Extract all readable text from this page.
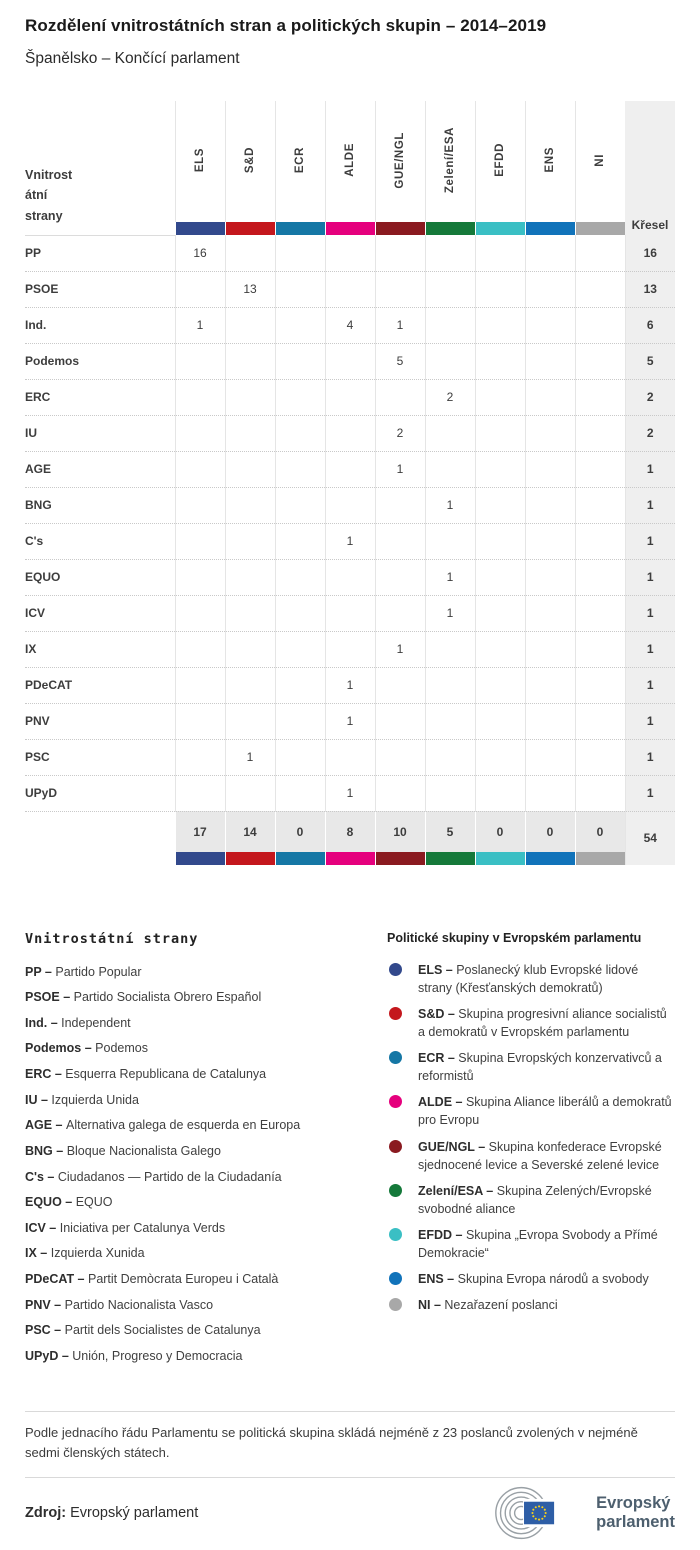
Rozdělení vnitrostátních stran a politických skupin – 2014–2019
Španělsko – Končící parlament
Vnitrost
átní
strany	ELS	S&D	ECR	ALDE	GUE/NGL	Zelení/ESA	EFDD	ENS	NI	Křesel

PP	16									16
PSOE		13								13
Ind.	1			4	1					6
Podemos					5					5
ERC						2				2
IU					2					2
AGE					1					1
BNG						1				1
C's				1						1
EQUO						1				1
ICV						1				1
IX					1					1
PDeCAT				1						1
PNV				1						1
PSC		1								1
UPyD				1						1
	17	14	0	8	10	5	0	0	0	54

Vnitrostátní strany
PP – Partido Popular
PSOE – Partido Socialista Obrero Español
Ind. – Independent
Podemos – Podemos
ERC – Esquerra Republicana de Catalunya
IU – Izquierda Unida
AGE – Alternativa galega de esquerda en Europa
BNG – Bloque Nacionalista Galego
C's – Ciudadanos — Partido de la Ciudadanía
EQUO – EQUO
ICV – Iniciativa per Catalunya Verds
IX – Izquierda Xunida
PDeCAT – Partit Demòcrata Europeu i Català
PNV – Partido Nacionalista Vasco
PSC – Partit dels Socialistes de Catalunya
UPyD – Unión, Progreso y Democracia
Politické skupiny v Evropském parlamentu
ELS – Poslanecký klub Evropské lidové strany (Křesťanských demokratů)
S&D – Skupina progresivní aliance socialistů a demokratů v Evropském parlamentu
ECR – Skupina Evropských konzervativců a reformistů
ALDE – Skupina Aliance liberálů a demokratů pro Evropu
GUE/NGL – Skupina konfederace Evropské sjednocené levice a Severské zelené levice
Zelení/ESA – Skupina Zelených/Evropské svobodné aliance
EFDD – Skupina „Evropa Svobody a Přímé Demokracie“
ENS – Skupina Evropa národů a svobody
NI – Nezařazení poslanci

Podle jednacího řádu Parlamentu se politická skupina skládá nejméně z 23 poslanců zvolených v nejméně sedmi členských státech.

Zdroj: Evropský parlament

Evropský
parlament
